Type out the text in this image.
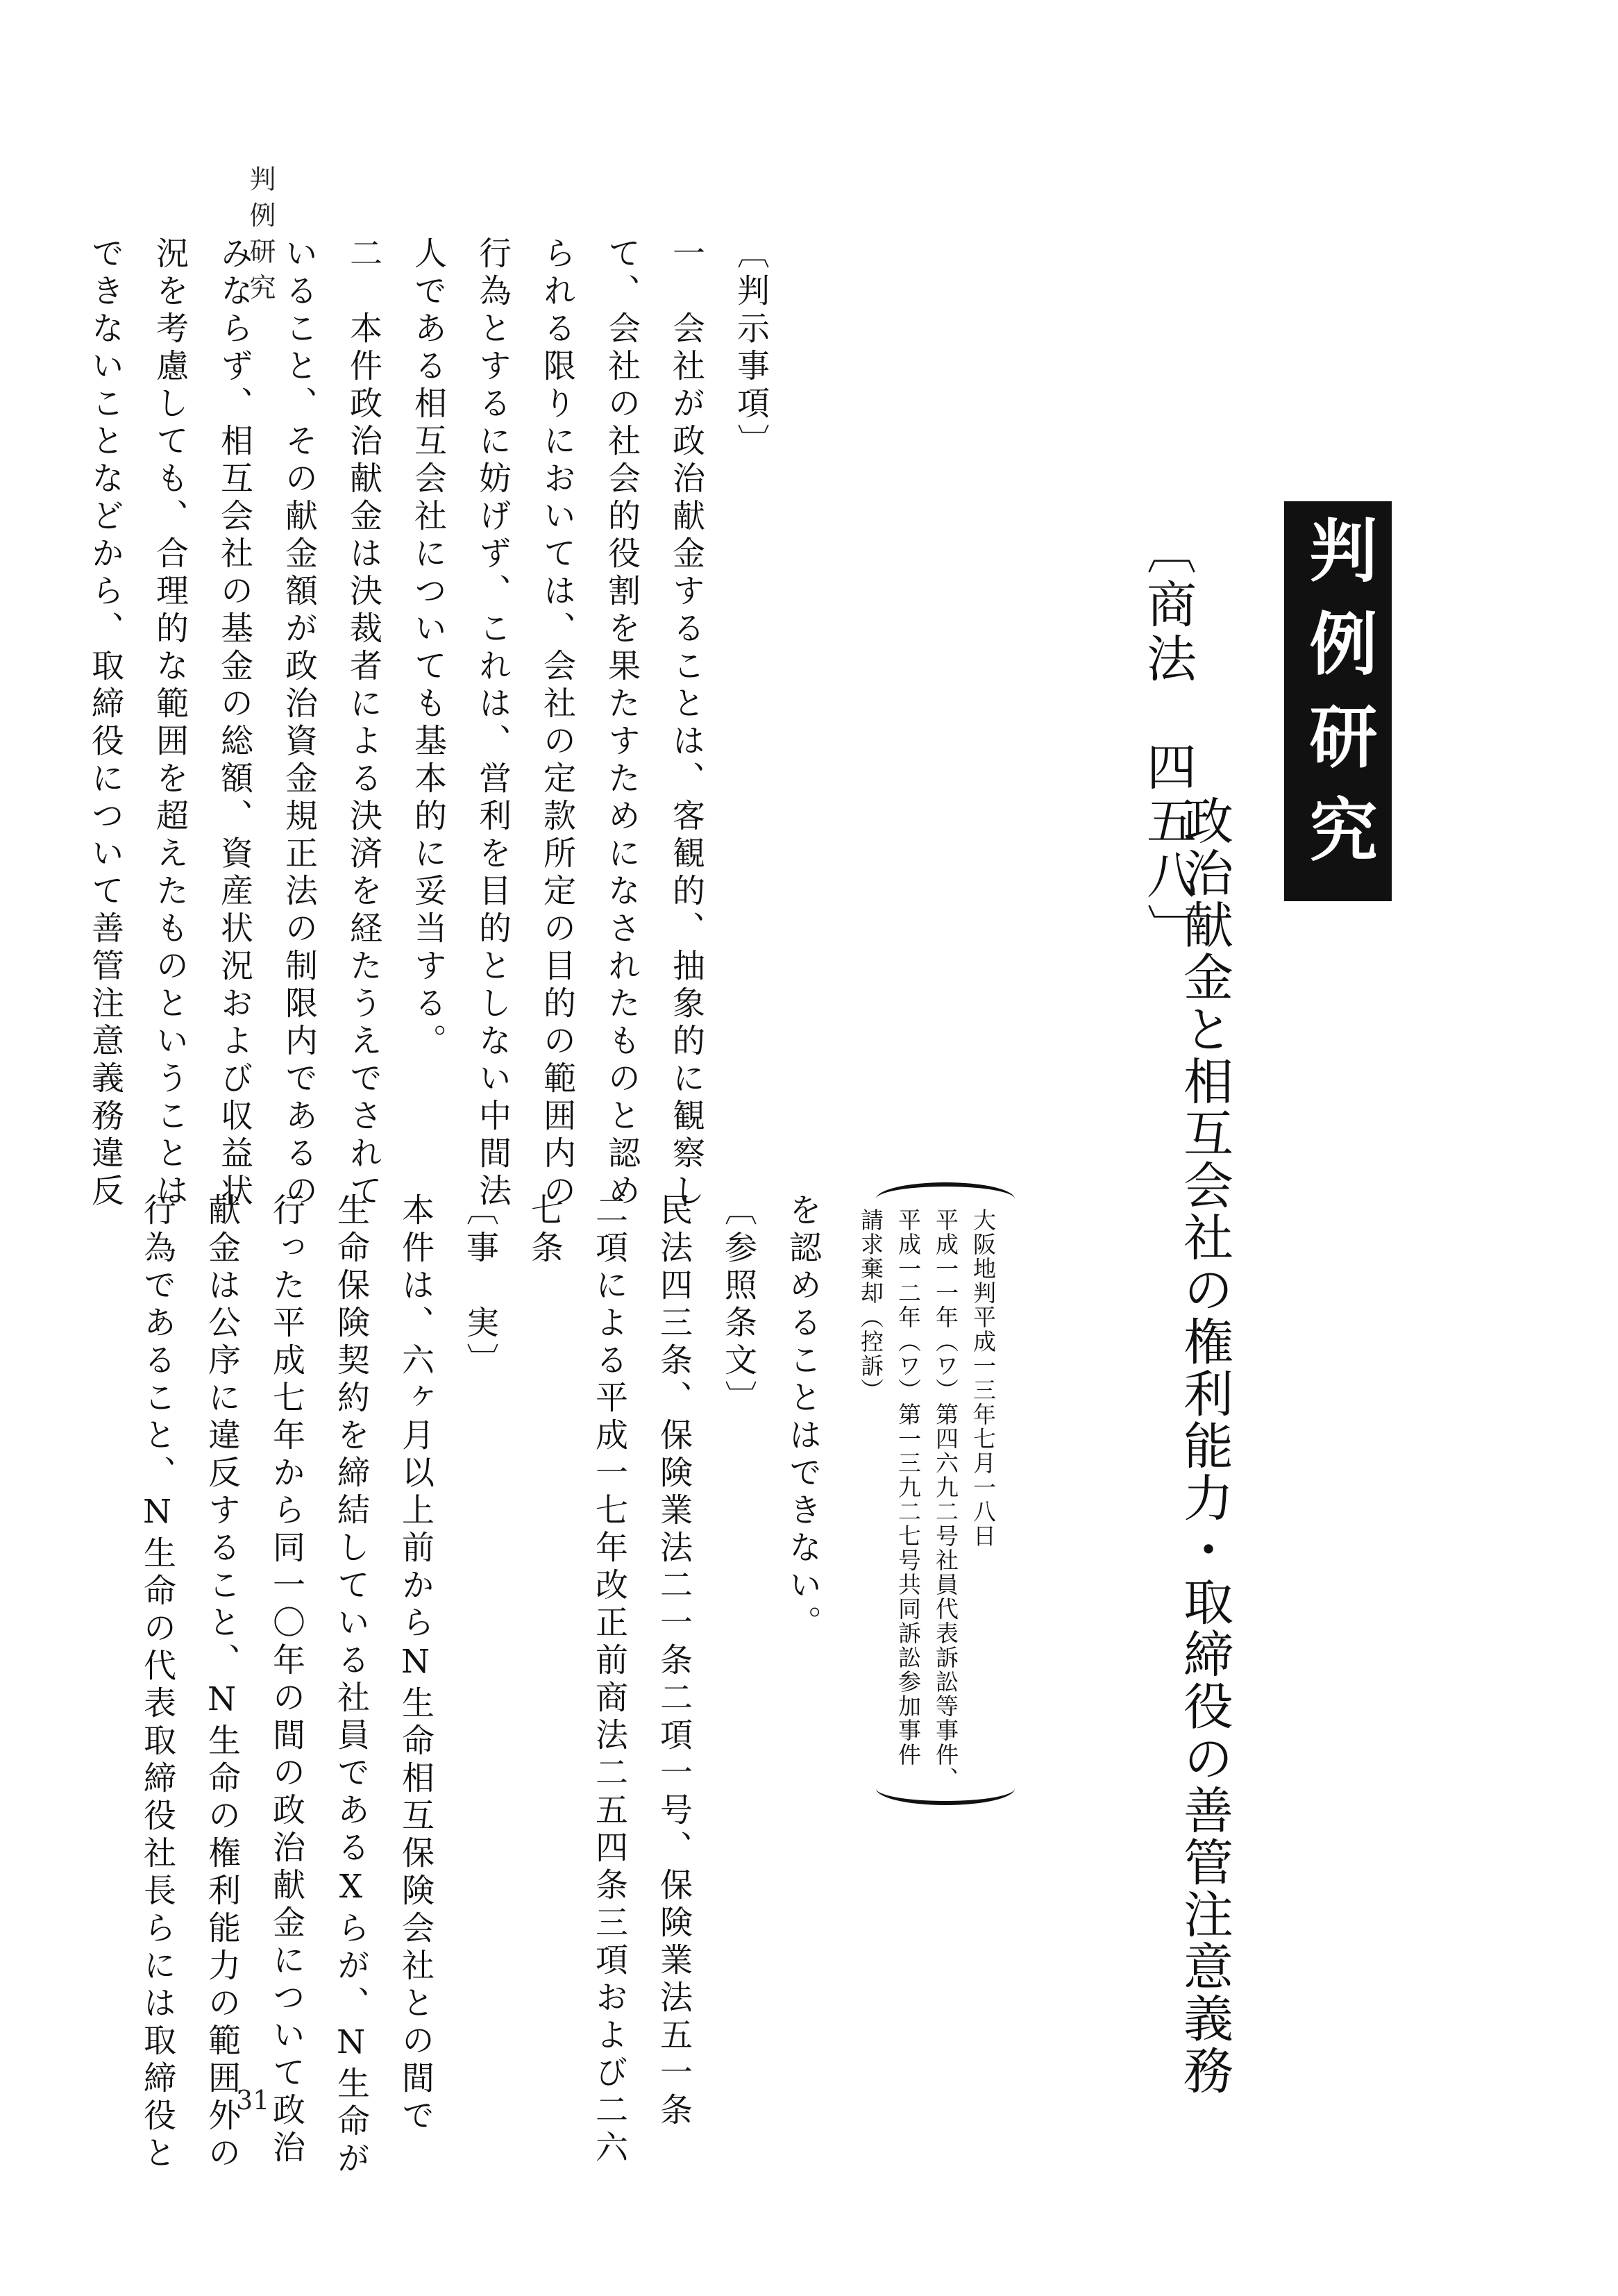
判例研究
判例研究
〔商法　四五八〕
政治献金と相互会社の権利能力・取締役の善管注意義務
大阪地判平成一三年七月一八日
平成一一年（ワ）第四六九二号社員代表訴訟等事件、
平成一二年（ワ）第一三九二七号共同訴訟参加事件
請求棄却（控訴）
〔判示事項〕
一　会社が政治献金することは、客観的、抽象的に観察し
て、会社の社会的役割を果たすためになされたものと認め
られる限りにおいては、会社の定款所定の目的の範囲内の
行為とするに妨げず、これは、営利を目的としない中間法
人である相互会社についても基本的に妥当する。
二　本件政治献金は決裁者による決済を経たうえでされて
いること、その献金額が政治資金規正法の制限内であるの
みならず、相互会社の基金の総額、資産状況および収益状
況を考慮しても、合理的な範囲を超えたものということは
できないことなどから、取締役について善管注意義務違反
を認めることはできない。
〔参照条文〕
民法四三条、保険業法二一条二項一号、保険業法五一条
二項による平成一七年改正前商法二五四条三項および二六
七条
〔事　実〕
本件は、六ヶ月以上前からN生命相互保険会社との間で
生命保険契約を締結している社員であるXらが、N生命が
行った平成七年から同一〇年の間の政治献金について政治
献金は公序に違反すること、N生命の権利能力の範囲外の
行為であること、N生命の代表取締役社長らには取締役と	31
